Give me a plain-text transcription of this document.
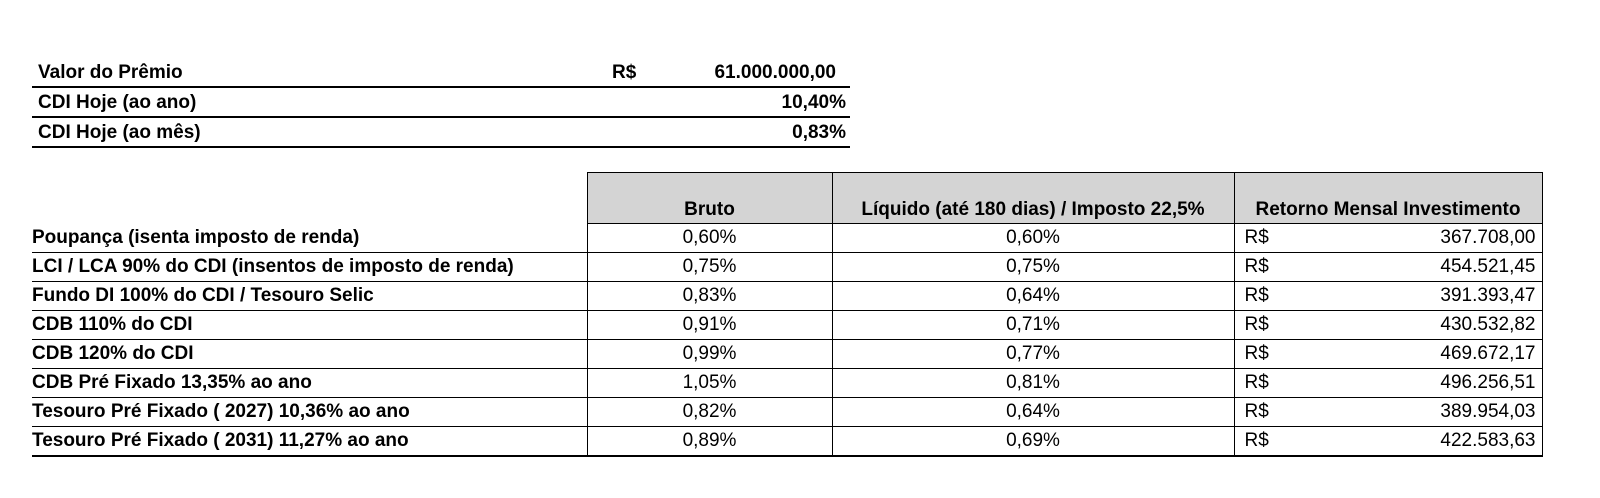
Valor do Prêmio	R$	61.000.000,00
CDI Hoje (ao ano)	10,40%
CDI Hoje (ao mês)	0,83%
	Bruto	Líquido (até 180 dias) / Imposto 22,5%	Retorno Mensal Investimento
Poupança (isenta imposto de renda)	0,60%	0,60%	R$ 367.708,00

LCI / LCA 90% do CDI (insentos de imposto de renda)	0,75%	0,75%	R$ 454.521,45

Fundo DI 100% do CDI / Tesouro Selic	0,83%	0,64%	R$ 391.393,47

CDB 110% do CDI	0,91%	0,71%	R$ 430.532,82

CDB 120% do CDI	0,99%	0,77%	R$ 469.672,17

CDB Pré Fixado 13,35% ao ano	1,05%	0,81%	R$ 496.256,51

Tesouro Pré Fixado ( 2027) 10,36% ao ano	0,82%	0,64%	R$ 389.954,03

Tesouro Pré Fixado ( 2031) 11,27% ao ano	0,89%	0,69%	R$ 422.583,63
